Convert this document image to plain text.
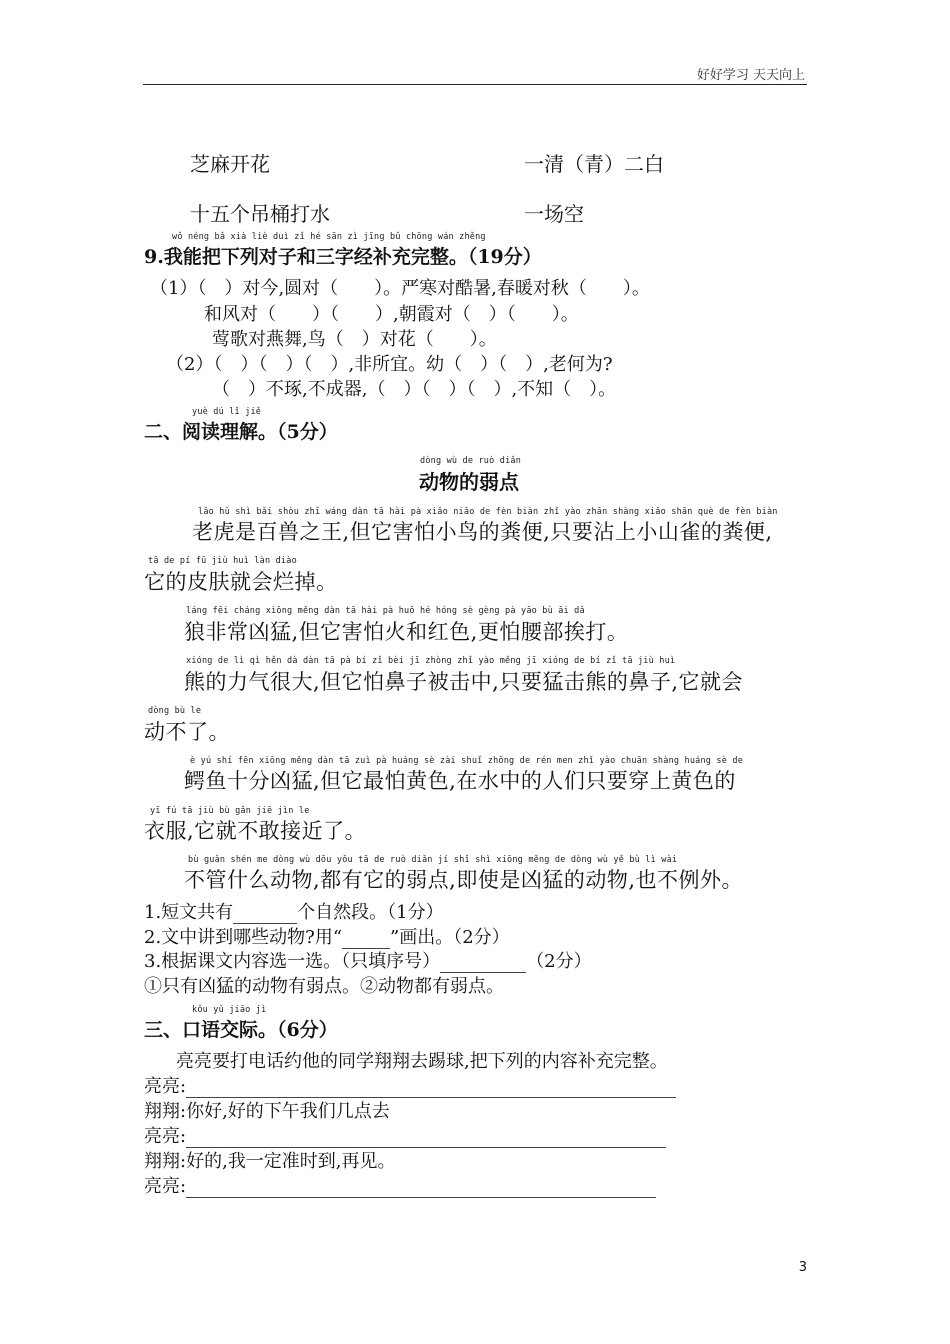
好好学习 天天向上
芝麻开花	一清（青）二白
十五个吊桶打水	一场空
wǒ néng bǎ xià liè duì zǐ hé sān zì jīng bǔ chōng wán zhěng
9.我能把下列对子和三字经补充完整。（19分）
（1）（　）对今,圆对（　　）。严寒对酷暑,春暖对秋（　　）。
和风对（　　）（　　）,朝霞对（　）（　　）。
莺歌对燕舞,鸟（　）对花（　　）。
（2）（　）（　）（　）,非所宜。幼（　）（　）,老何为?
（　）不琢,不成器,（　）（　）（　）,不知（　）。
yuè dú lǐ jiě
二、阅读理解。（5分）
dòng wù de ruò diǎn
动物的弱点
lǎo hǔ shì bǎi shòu zhī wáng dàn tā hài pà xiǎo niǎo de fèn biàn zhǐ yào zhān shàng xiǎo shān què de fèn biàn
老虎是百兽之王,但它害怕小鸟的粪便,只要沾上小山雀的粪便,
tā de pí fū jiù huì làn diào
它的皮肤就会烂掉。
láng fēi cháng xiōng měng dàn tā hài pà huǒ hé hóng sè gèng pà yāo bù āi dǎ
狼非常凶猛,但它害怕火和红色,更怕腰部挨打。
xióng de lì qì hěn dà dàn tā pà bí zǐ bèi jī zhòng zhǐ yào měng jī xióng de bí zǐ tā jiù huì
熊的力气很大,但它怕鼻子被击中,只要猛击熊的鼻子,它就会
dòng bù le
动不了。
è yú shí fēn xiōng měng dàn tā zuì pà huáng sè zài shuǐ zhōng de rén men zhǐ yào chuān shàng huáng sè de
鳄鱼十分凶猛,但它最怕黄色,在水中的人们只要穿上黄色的
yī fú tā jiù bù gǎn jiē jìn le
衣服,它就不敢接近了。
bù guǎn shén me dòng wù dōu yǒu tā de ruò diǎn jí shǐ shì xiōng měng de dòng wù yě bù lì wài
不管什么动物,都有它的弱点,即使是凶猛的动物,也不例外。
1.短文共有	个自然段。（1分）
2.文中讲到哪些动物?用“	”画出。（2分）
3.根据课文内容选一选。（只填序号）	（2分）
①只有凶猛的动物有弱点。②动物都有弱点。
kǒu yǔ jiāo jì
三、口语交际。（6分）
亮亮要打电话约他的同学翔翔去踢球,把下列的内容补充完整。
亮亮:
翔翔:你好,好的下午我们几点去
亮亮:
翔翔:好的,我一定准时到,再见。
亮亮:
3
